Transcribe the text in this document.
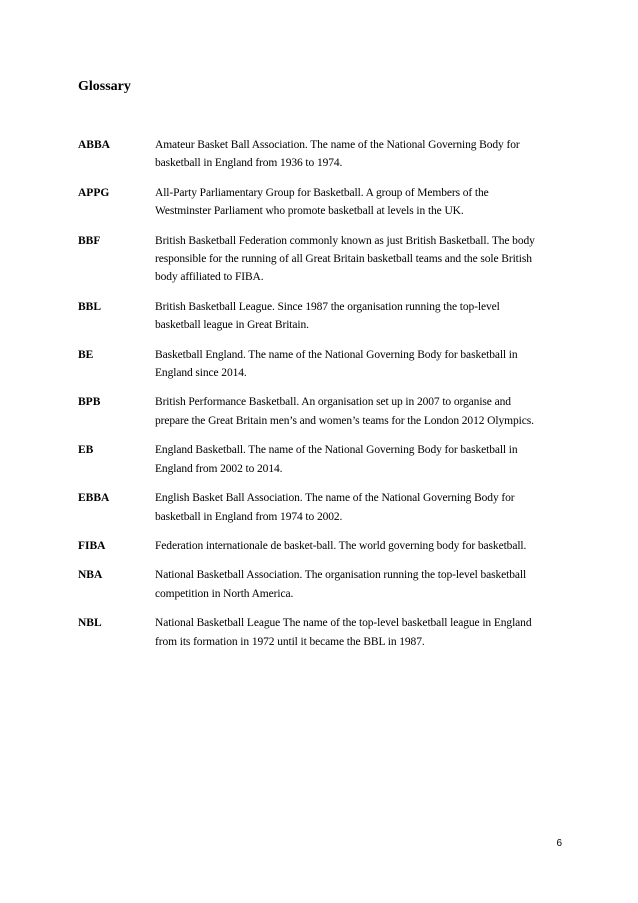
Glossary
ABBA	Amateur Basket Ball Association. The name of the National Governing Body for
basketball in England from 1936 to 1974.
APPG	All-Party Parliamentary Group for Basketball. A group of Members of the
Westminster Parliament who promote basketball at levels in the UK.
BBF	British Basketball Federation commonly known as just British Basketball. The body
responsible for the running of all Great Britain basketball teams and the sole British
body affiliated to FIBA.
BBL	British Basketball League. Since 1987 the organisation running the top-level
basketball league in Great Britain.
BE	Basketball England. The name of the National Governing Body for basketball in
England since 2014.
BPB	British Performance Basketball. An organisation set up in 2007 to organise and
prepare the Great Britain men’s and women’s teams for the London 2012 Olympics.
EB	England Basketball. The name of the National Governing Body for basketball in
England from 2002 to 2014.
EBBA	English Basket Ball Association. The name of the National Governing Body for
basketball in England from 1974 to 2002.
FIBA	Federation internationale de basket-ball. The world governing body for basketball.
NBA	National Basketball Association. The organisation running the top-level basketball
competition in North America.
NBL	National Basketball League The name of the top-level basketball league in England
from its formation in 1972 until it became the BBL in 1987.
6
